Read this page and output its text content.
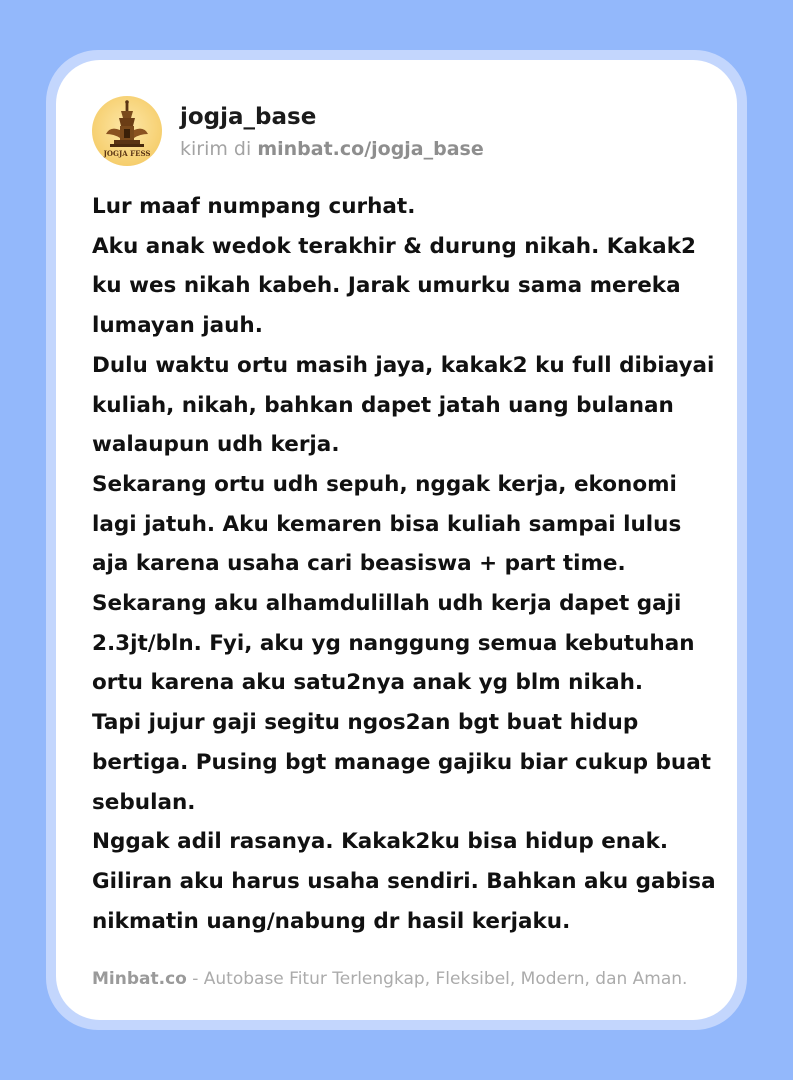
JOGJA FESS
jogja_base
kirim di minbat.co/jogja_base
Lur maaf numpang curhat.
Aku anak wedok terakhir & durung nikah. Kakak2
ku wes nikah kabeh. Jarak umurku sama mereka
lumayan jauh.
Dulu waktu ortu masih jaya, kakak2 ku full dibiayai
kuliah, nikah, bahkan dapet jatah uang bulanan
walaupun udh kerja.
Sekarang ortu udh sepuh, nggak kerja, ekonomi
lagi jatuh. Aku kemaren bisa kuliah sampai lulus
aja karena usaha cari beasiswa + part time.
Sekarang aku alhamdulillah udh kerja dapet gaji
2.3jt/bln. Fyi, aku yg nanggung semua kebutuhan
ortu karena aku satu2nya anak yg blm nikah.
Tapi jujur gaji segitu ngos2an bgt buat hidup
bertiga. Pusing bgt manage gajiku biar cukup buat
sebulan.
Nggak adil rasanya. Kakak2ku bisa hidup enak.
Giliran aku harus usaha sendiri. Bahkan aku gabisa
nikmatin uang/nabung dr hasil kerjaku.
Minbat.co - Autobase Fitur Terlengkap, Fleksibel, Modern, dan Aman.
